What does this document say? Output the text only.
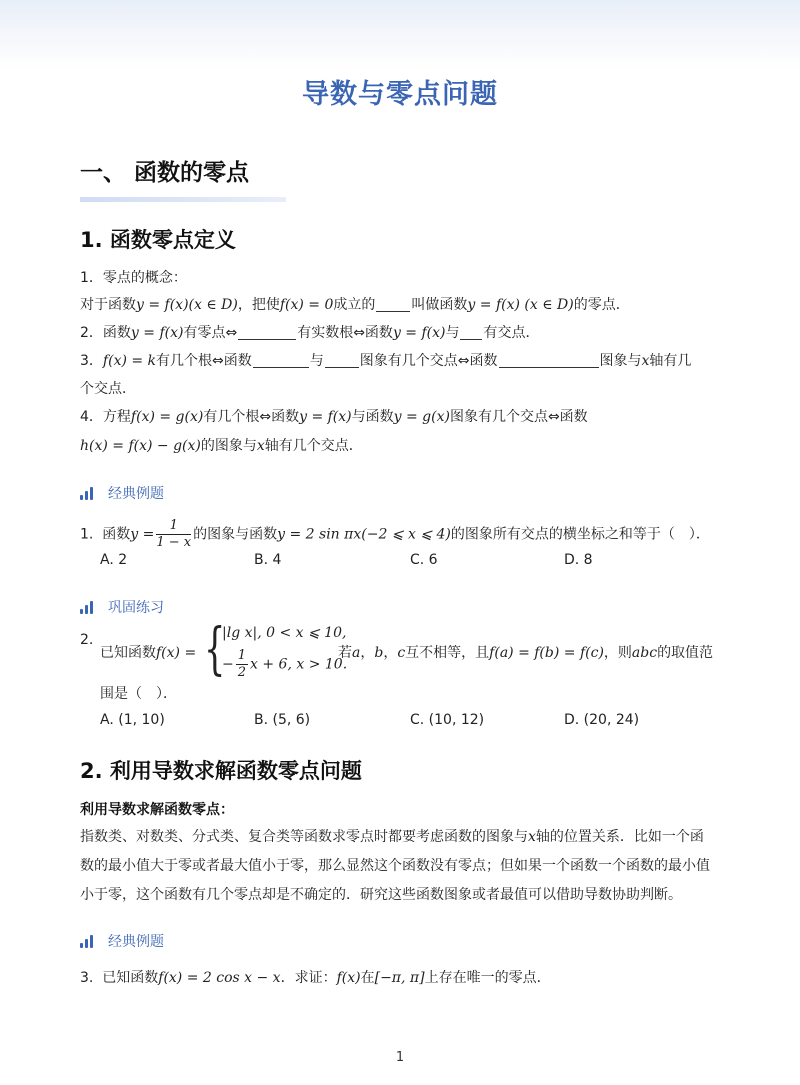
导数与零点问题
一、 函数的零点
1. 函数零点定义
1．零点的概念：
对于函数y = f(x)(x ∈ D)，把使f(x) = 0成立的	叫做函数y = f(x) (x ∈ D)的零点．
2．函数y = f(x)有零点⇔	有实数根⇔函数y = f(x)与 有交点．
3．f(x) = k有几个根⇔函数	与	图象有几个交点⇔函数	图象与x轴有几
个交点．
4．方程f(x) = g(x)有几个根⇔函数y = f(x)与函数y = g(x)图象有几个交点⇔函数
h(x) = f(x) − g(x)的图象与x轴有几个交点．
经典例题
1. 函数$y = \frac{1}{1 - x}$ 的图象与函数y = 2 sin πx(−2 ⩽ x ⩽ 4)的图象所有交点的横坐标之和等于（　）．
A. 2	B. 4	C. 6	D. 8
巩固练习
2.
已知函数f(x) = {
|lg x|, 0 < x ⩽ 10,
− $\frac{1}{2}$ x + 6, x > 10.
若a，b，c互不相等，且f(a) = f(b) = f(c)，则abc的取值范
围是（　）．
A. (1, 10)	B. (5, 6)	C. (10, 12)	D. (20, 24)
2. 利用导数求解函数零点问题
利用导数求解函数零点：
指数类、对数类、分式类、复合类等函数求零点时都要考虑函数的图象与x轴的位置关系．比如一个函
数的最小值大于零或者最大值小于零，那么显然这个函数没有零点；但如果一个函数一个函数的最小值
小于零，这个函数有几个零点却是不确定的．研究这些函数图象或者最值可以借助导数协助判断。
经典例题
3. 已知函数f(x) = 2 cos x − x．求证：f(x)在[−π, π]上存在唯一的零点．
1
